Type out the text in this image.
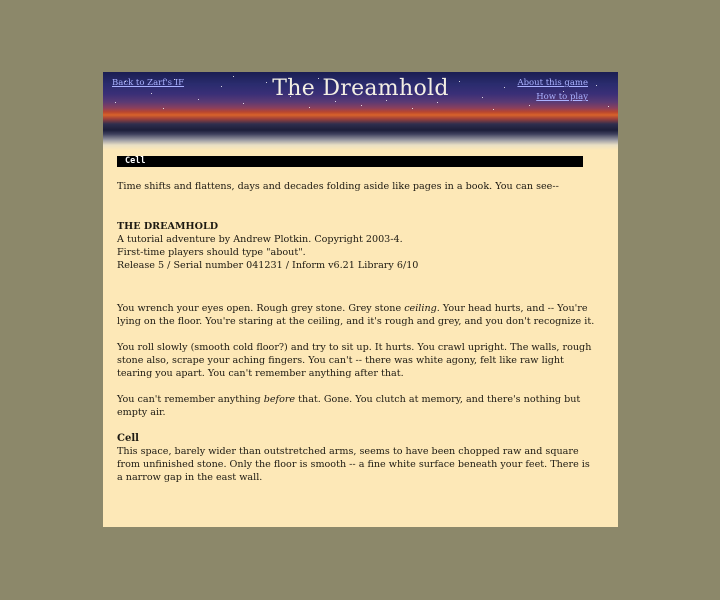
Back to Zarf's IF	The Dreamhold	About this game
How to play
Cell

Time shifts and flattens, days and decades folding aside like pages in a book. You can see--

THE DREAMHOLD

A tutorial adventure by Andrew Plotkin. Copyright 2003-4.

First-time players should type "about".

Release 5 / Serial number 041231 / Inform v6.21 Library 6/10

You wrench your eyes open. Rough grey stone. Grey stone ceiling. Your head hurts, and -- You're lying on the floor. You're staring at the ceiling, and it's rough and grey, and you don't recognize it.

You roll slowly (smooth cold floor?) and try to sit up. It hurts. You crawl upright. The walls, rough stone also, scrape your aching fingers. You can't -- there was white agony, felt like raw light tearing you apart. You can't remember anything after that.

You can't remember anything before that. Gone. You clutch at memory, and there's nothing but empty air.

Cell

This space, barely wider than outstretched arms, seems to have been chopped raw and square from unfinished stone. Only the floor is smooth -- a fine white surface beneath your feet. There is a narrow gap in the east wall.
